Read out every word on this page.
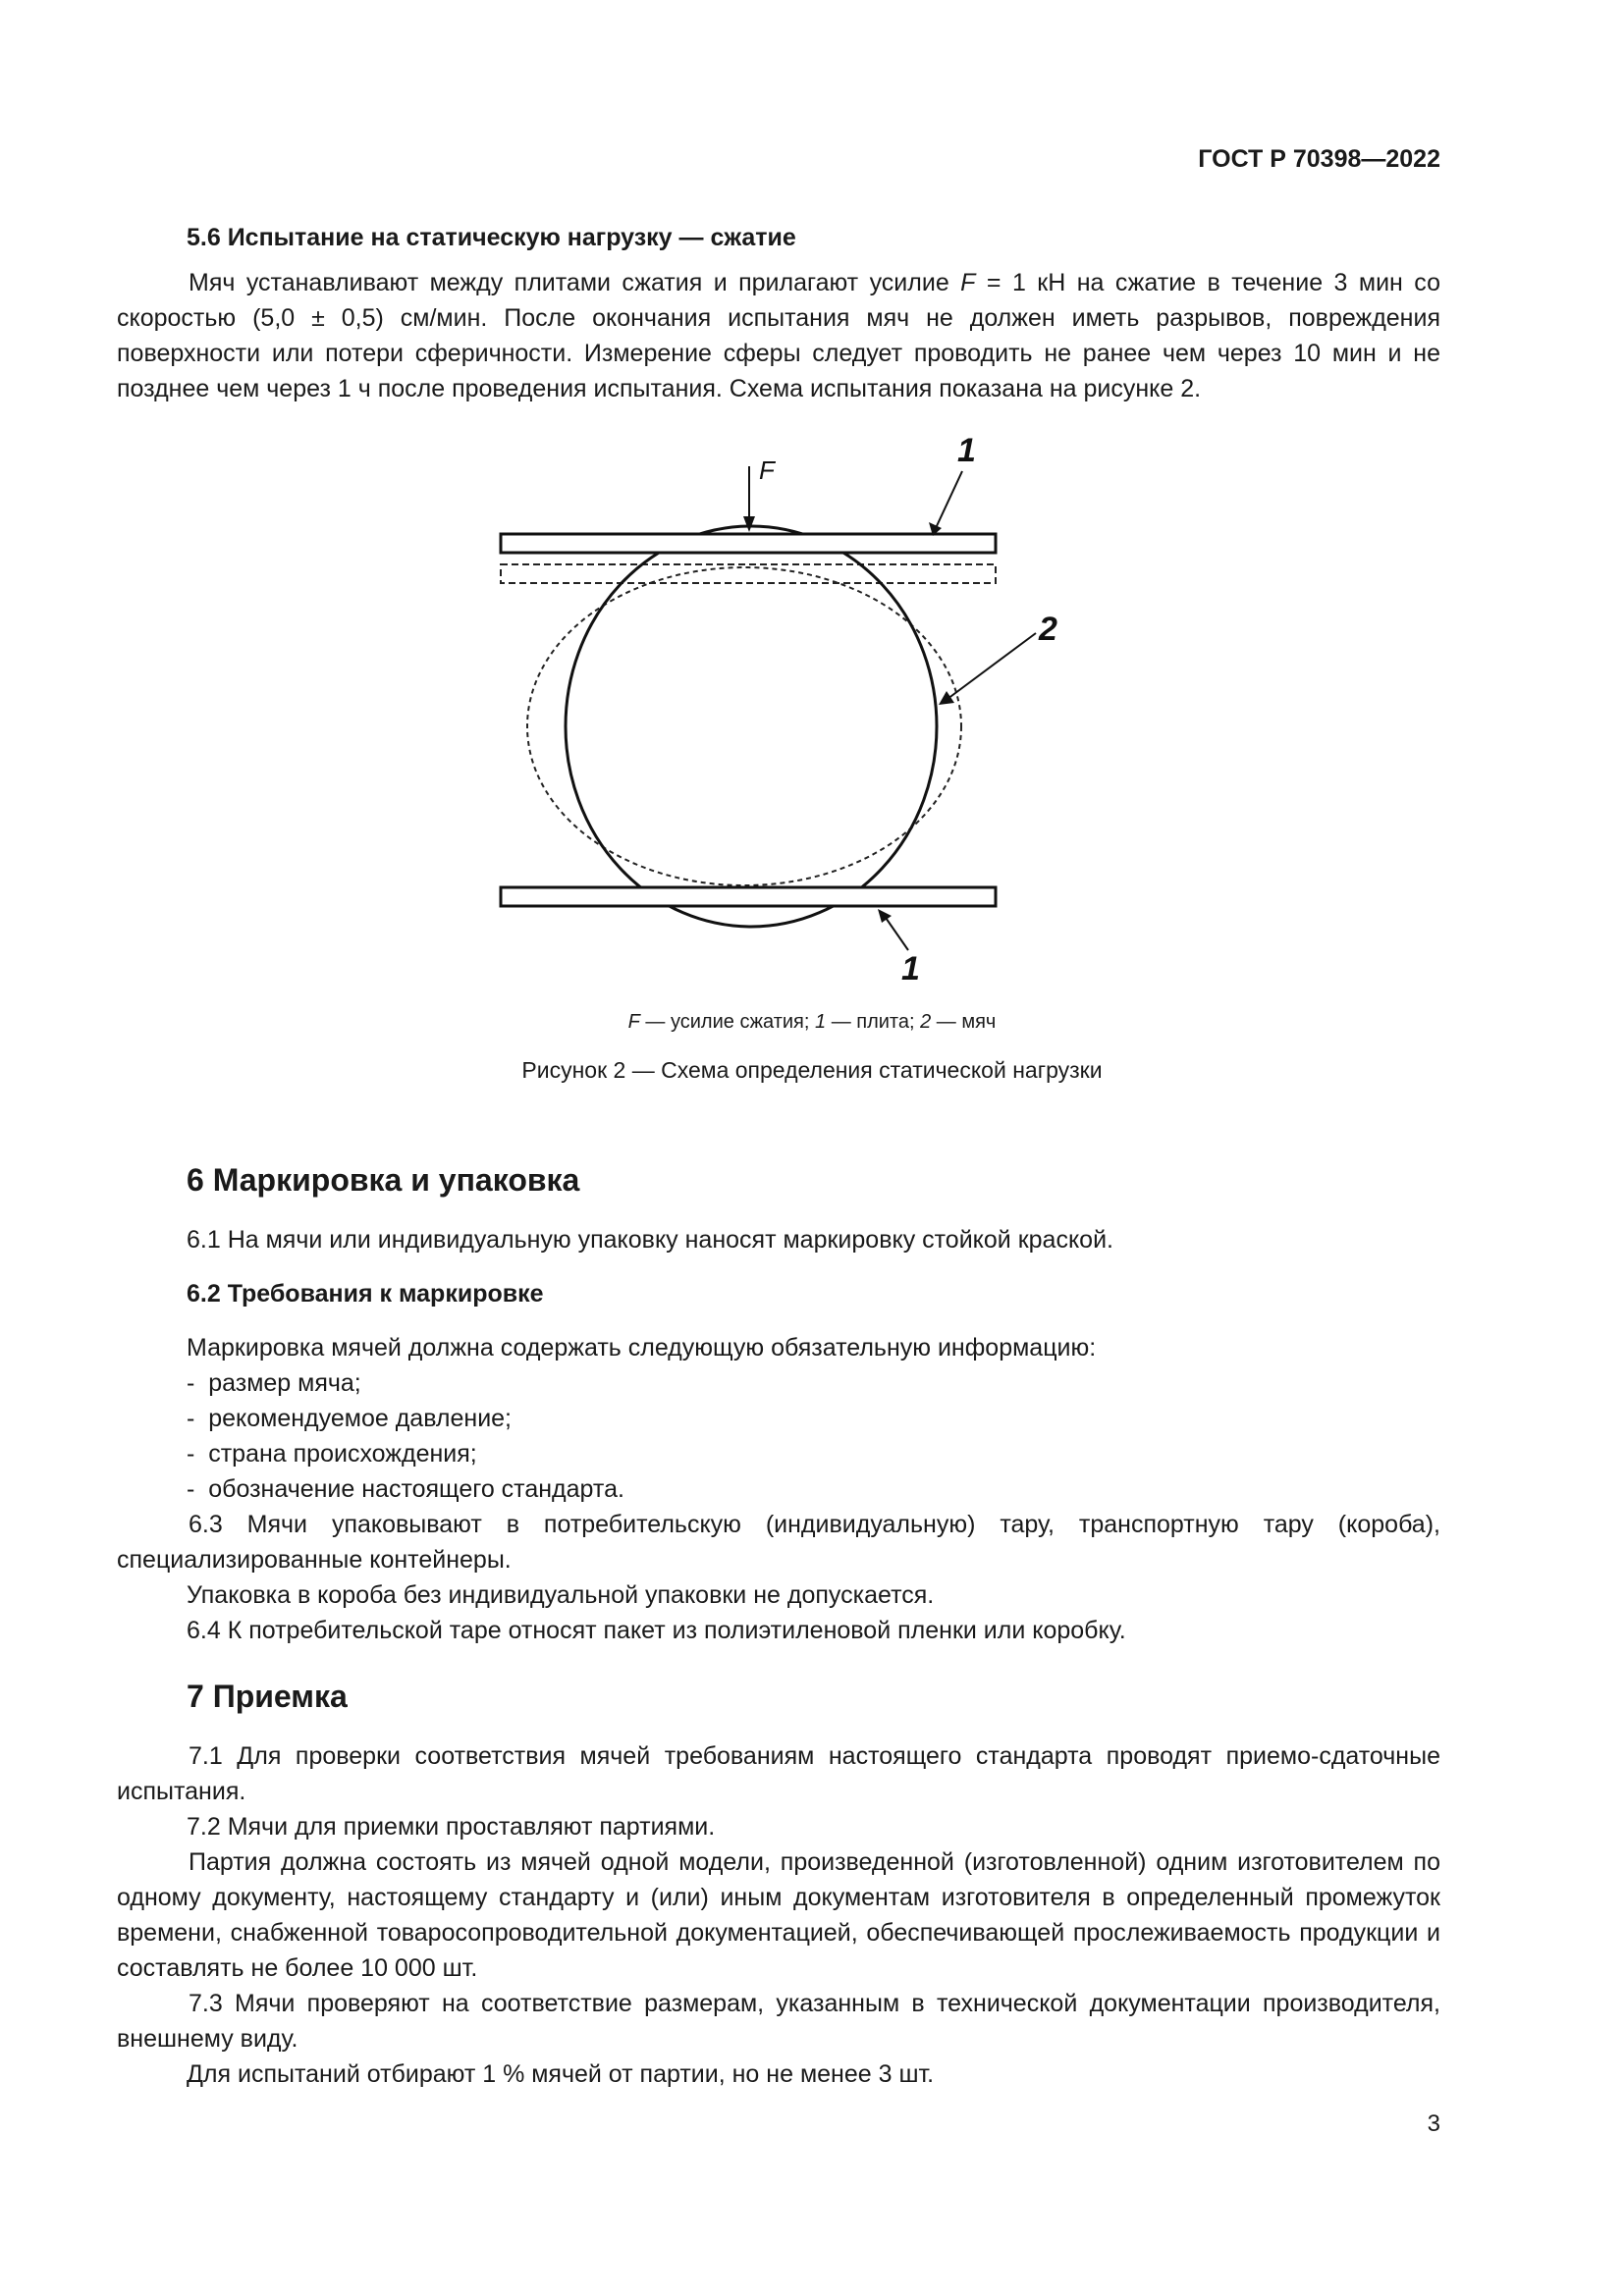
ГОСТ Р 70398—2022
5.6 Испытание на статическую нагрузку — сжатие
Мяч устанавливают между плитами сжатия и прилагают усилие F = 1 кН на сжатие в течение 3 мин со скоростью (5,0 ± 0,5) см/мин. После окончания испытания мяч не должен иметь разрывов, повреждения поверхности или потери сферичности. Измерение сферы следует проводить не ранее чем через 10 мин и не позднее чем через 1 ч после проведения испытания. Схема испытания показана на рисунке 2.
F
1
2
1
F — усилие сжатия; 1 — плита; 2 — мяч
Рисунок 2 — Схема определения статической нагрузки
6 Маркировка и упаковка
6.1 На мячи или индивидуальную упаковку наносят маркировку стойкой краской.
6.2 Требования к маркировке
Маркировка мячей должна содержать следующую обязательную информацию:
- размер мяча;
- рекомендуемое давление;
- страна происхождения;
- обозначение настоящего стандарта.
6.3 Мячи упаковывают в потребительскую (индивидуальную) тару, транспортную тару (короба), специализированные контейнеры.
Упаковка в короба без индивидуальной упаковки не допускается.
6.4 К потребительской таре относят пакет из полиэтиленовой пленки или коробку.
7 Приемка
7.1 Для проверки соответствия мячей требованиям настоящего стандарта проводят приемо-сдаточные испытания.
7.2 Мячи для приемки проставляют партиями.
Партия должна состоять из мячей одной модели, произведенной (изготовленной) одним изготовителем по одному документу, настоящему стандарту и (или) иным документам изготовителя в определенный промежуток времени, снабженной товаросопроводительной документацией, обеспечивающей прослеживаемость продукции и составлять не более 10 000 шт.
7.3 Мячи проверяют на соответствие размерам, указанным в технической документации производителя, внешнему виду.
Для испытаний отбирают 1 % мячей от партии, но не менее 3 шт.
3
